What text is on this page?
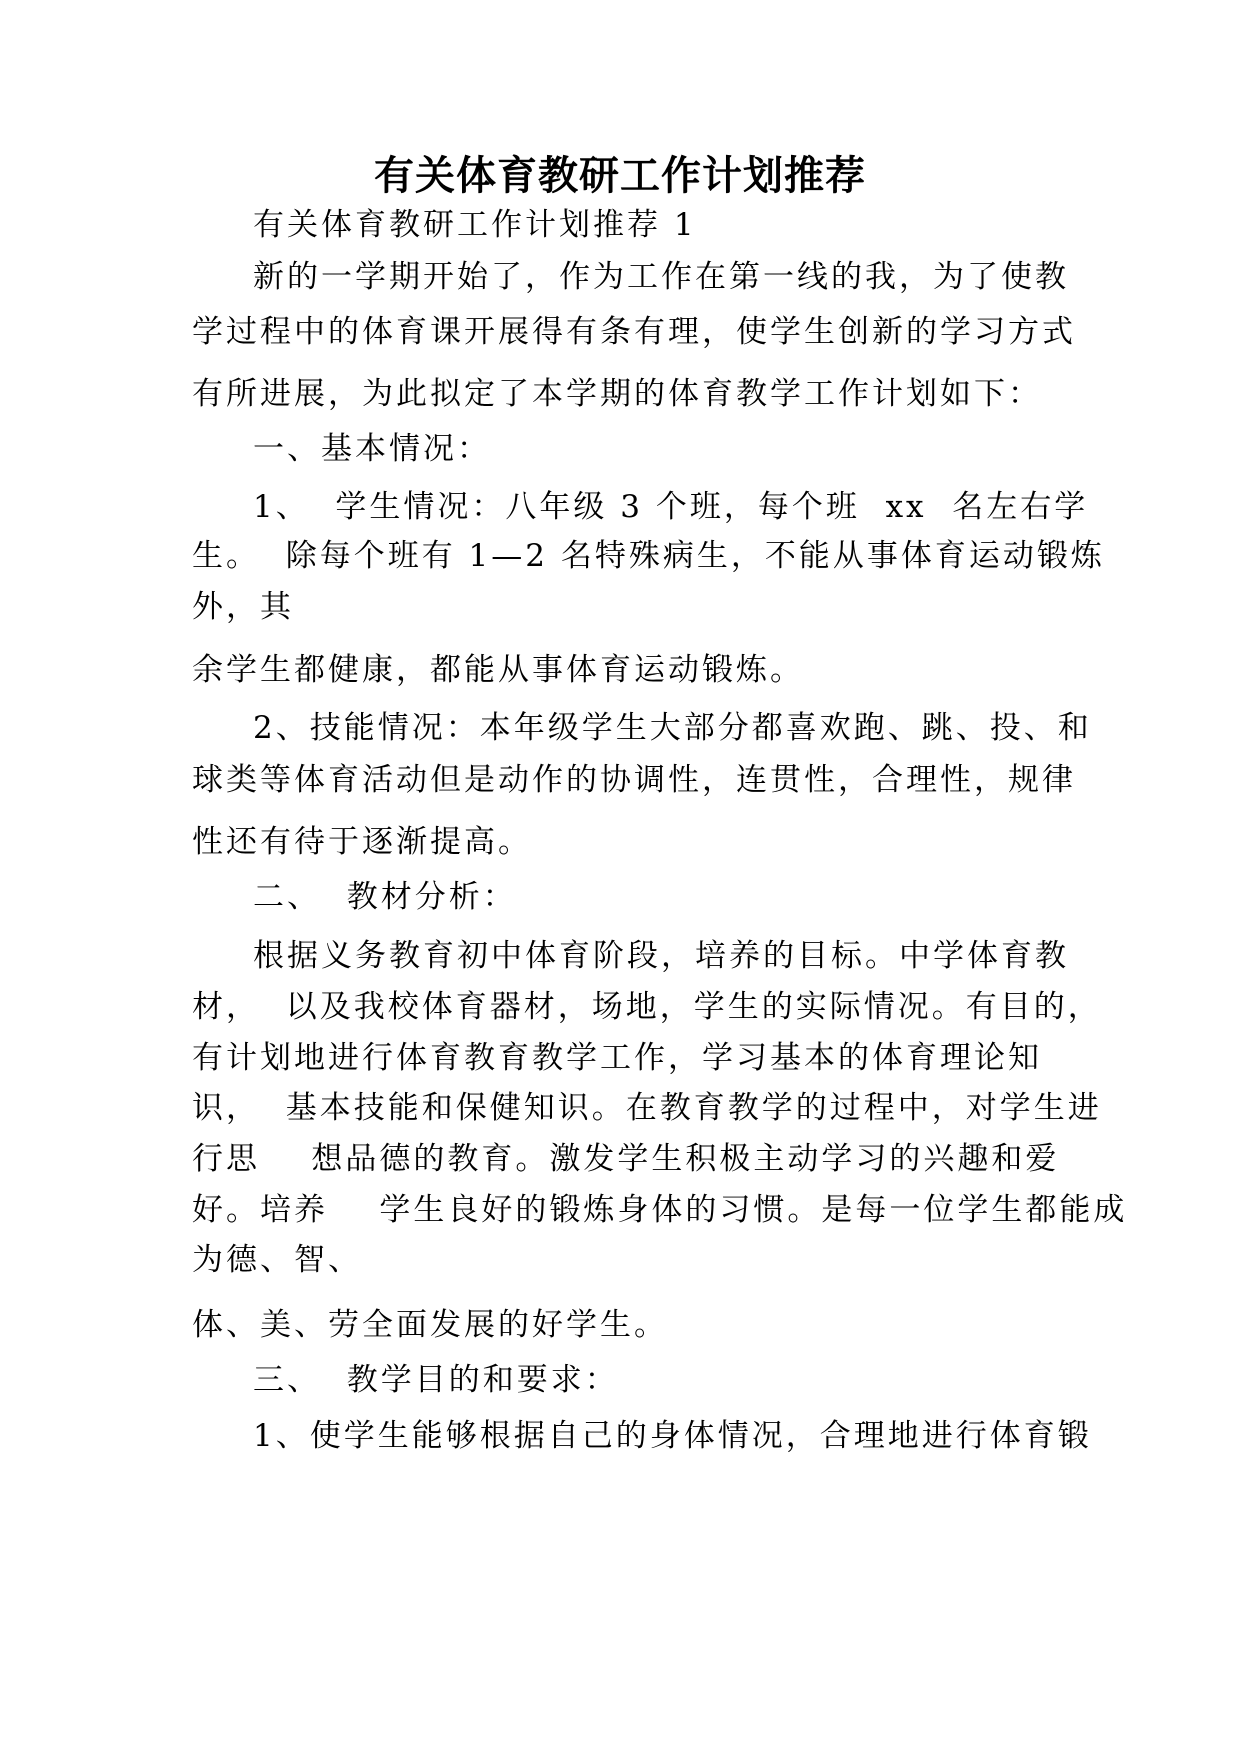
有关体育教研工作计划推荐
有关体育教研工作计划推荐 1
新的一学期开始了，作为工作在第一线的我，为了使教
学过程中的体育课开展得有条有理，使学生创新的学习方式
有所进展，为此拟定了本学期的体育教学工作计划如下：
一、基本情况：
1、  学生情况：八年级 3 个班，每个班  xx  名左右学
生。  除每个班有 1—2 名特殊病生，不能从事体育运动锻炼
外，其
余学生都健康，都能从事体育运动锻炼。
2、技能情况：本年级学生大部分都喜欢跑、跳、投、和
球类等体育活动但是动作的协调性，连贯性，合理性，规律
性还有待于逐渐提高。
二、  教材分析：
根据义务教育初中体育阶段，培养的目标。中学体育教
材，  以及我校体育器材，场地，学生的实际情况。有目的，
有计划地进行体育教育教学工作，学习基本的体育理论知
识，  基本技能和保健知识。在教育教学的过程中，对学生进
行思    想品德的教育。激发学生积极主动学习的兴趣和爱
好。培养    学生良好的锻炼身体的习惯。是每一位学生都能成
为德、智、
体、美、劳全面发展的好学生。
三、  教学目的和要求：
1、使学生能够根据自己的身体情况，合理地进行体育锻
